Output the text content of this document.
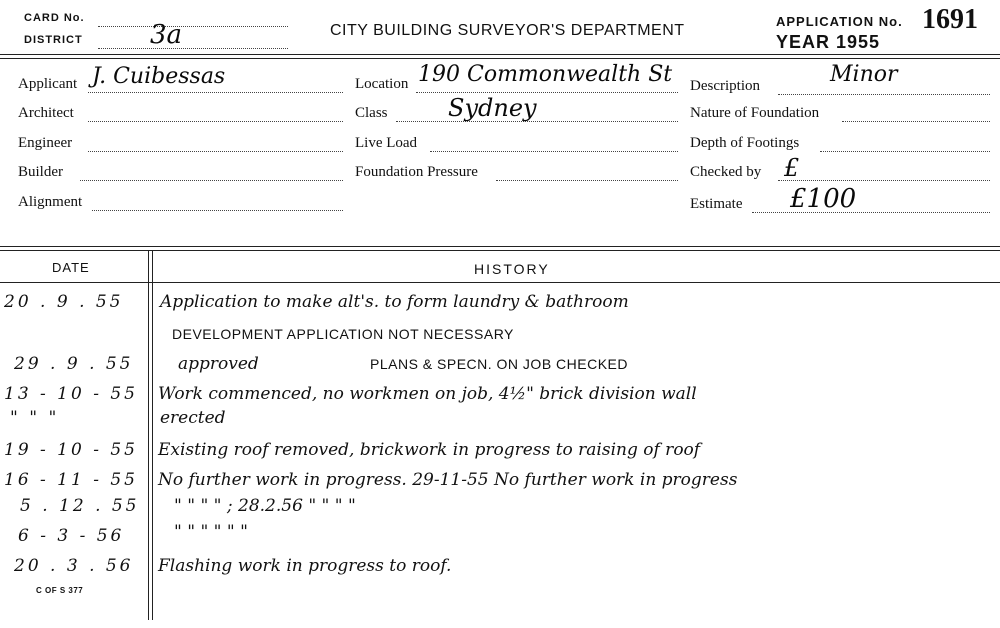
CARD No.
DISTRICT	3a	CITY BUILDING SURVEYOR'S DEPARTMENT
APPLICATION No. 1691
YEAR 1955
Applicant J. Cuibessas
Architect
Engineer
Builder
Alignment
Location 190 Commonwealth St
Class	Sydney
Live Load
Foundation Pressure
Description	Minor
Nature of Foundation
Depth of Footings
Checked by £
Estimate £100
DATE	HISTORY
20 . 9 . 55 Application to make alt's. to form laundry & bathroom
DEVELOPMENT APPLICATION NOT NECESSARY
29 . 9 . 55	approved	PLANS & SPECN. ON JOB CHECKED
13 - 10 - 55 Work commenced, no workmen on job, 4½" brick division wall
" " "	erected
19 - 10 - 55 Existing roof removed, brickwork in progress to raising of roof
16 - 11 - 55 No further work in progress. 29-11-55 No further work in progress
5 . 12 . 55 " " " " ; 28.2.56 " " " "
6 - 3 - 56	" " " " " "
20 . 3 . 56 Flashing work in progress to roof.
C OF S 377
